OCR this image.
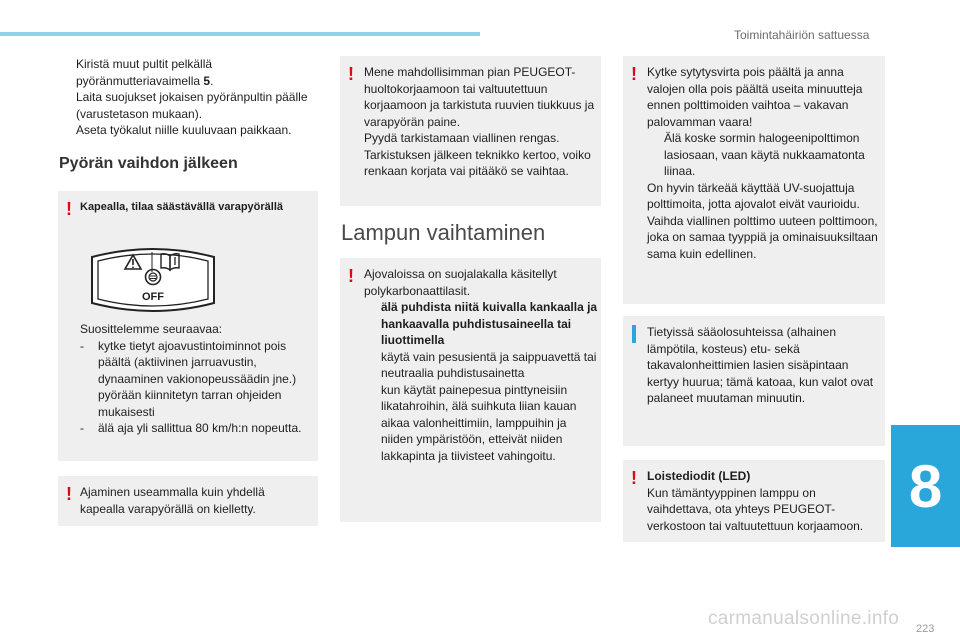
Toimintahäiriön sattuessa
Kiristä muut pultit pelkällä pyöränmutteriavaimella 5.
Laita suojukset jokaisen pyöränpultin päälle (varustetason mukaan).
Aseta työkalut niille kuuluvaan paikkaan.
Pyörän vaihdon jälkeen
! Kapealla, tilaa säästävällä varapyörällä
OFF
Suosittelemme seuraavaa:
-	kytke tietyt ajoavustintoiminnot pois päältä (aktiivinen jarruavustin, dynaaminen vakionopeussäädin jne.) pyörään kiinnitetyn tarran ohjeiden mukaisesti
-	älä aja yli sallittua 80 km/h:n nopeutta.
! Ajaminen useammalla kuin yhdellä kapealla varapyörällä on kielletty.
! Mene mahdollisimman pian PEUGEOT-huoltokorjaamoon tai valtuutettuun korjaamoon ja tarkistuta ruuvien tiukkuus ja varapyörän paine.
Pyydä tarkistamaan viallinen rengas. Tarkistuksen jälkeen teknikko kertoo, voiko renkaan korjata vai pitääkö se vaihtaa.
Lampun vaihtaminen
! Ajovaloissa on suojalakalla käsitellyt polykarbonaattilasit.
älä puhdista niitä kuivalla kankaalla ja hankaavalla puhdistusaineella tai liuottimella
käytä vain pesusientä ja saippuavettä tai neutraalia puhdistusainetta
kun käytät painepesua pinttyneisiin likatahroihin, älä suihkuta liian kauan aikaa valonheittimiin, lamppuihin ja niiden ympäristöön, etteivät niiden lakkapinta ja tiivisteet vahingoitu.
! Kytke sytytysvirta pois päältä ja anna valojen olla pois päältä useita minuutteja ennen polttimoiden vaihtoa – vakavan palovamman vaara!
Älä koske sormin halogeenipolttimon lasiosaan, vaan käytä nukkaamatonta liinaa.
On hyvin tärkeää käyttää UV-suojattuja polttimoita, jotta ajovalot eivät vaurioidu.
Vaihda viallinen polttimo uuteen polttimoon, joka on samaa tyyppiä ja ominaisuuksiltaan sama kuin edellinen.
Tietyissä sääolosuhteissa (alhainen lämpötila, kosteus) etu- sekä takavalonheittimien lasien sisäpintaan kertyy huurua; tämä katoaa, kun valot ovat palaneet muutaman minuutin.
! Loistediodit (LED)
Kun tämäntyyppinen lamppu on vaihdettava, ota yhteys PEUGEOT-verkostoon tai valtuutettuun korjaamoon.
8
223
carmanualsonline.info
